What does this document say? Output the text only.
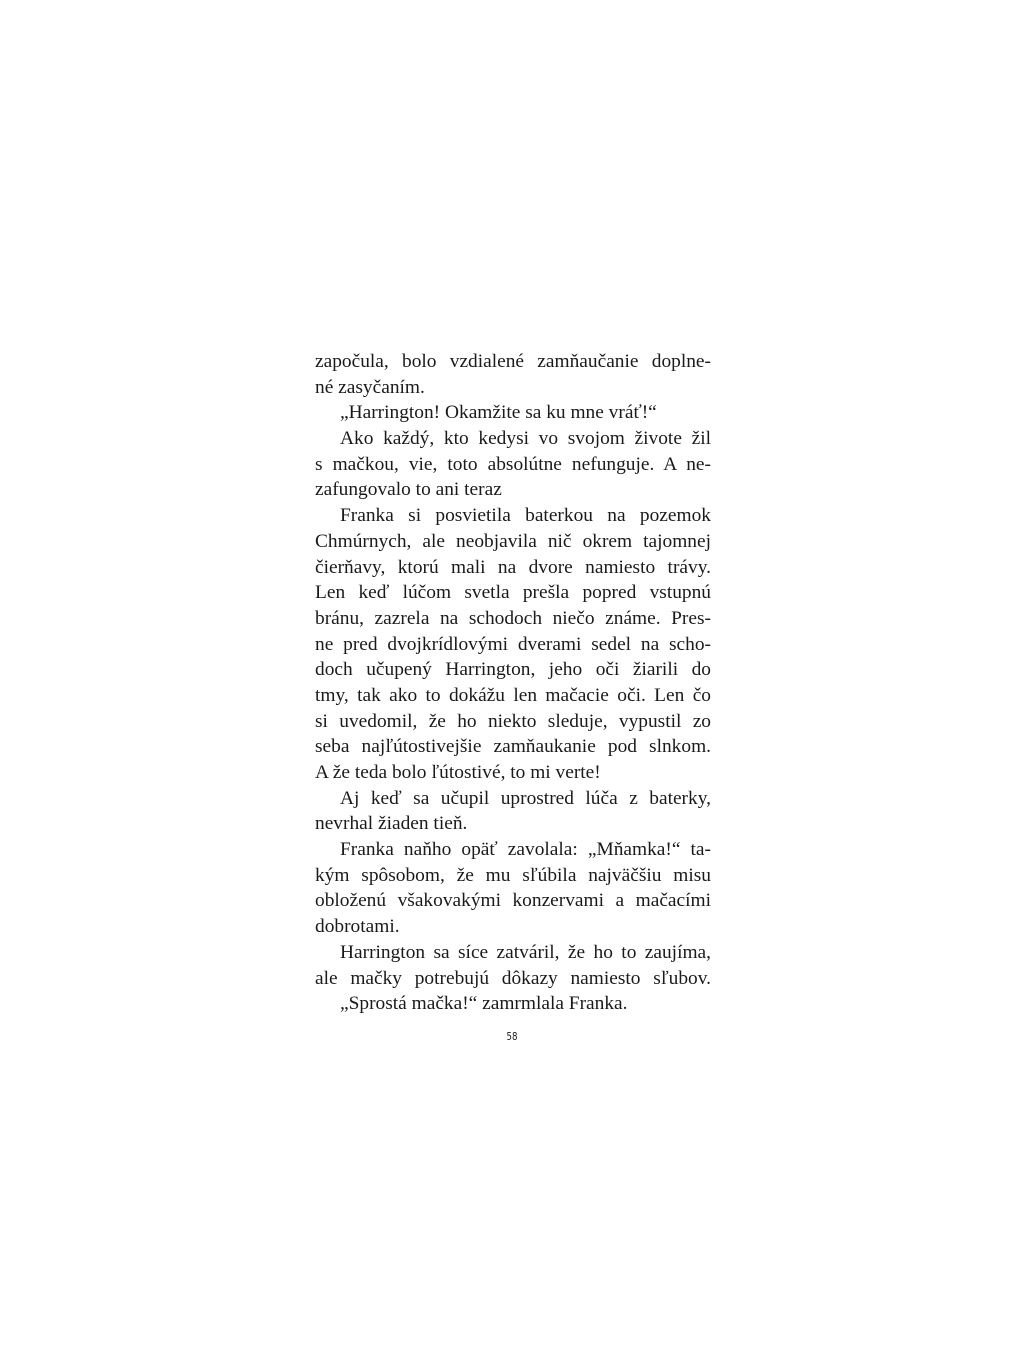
započula, bolo vzdialené zamňaučanie doplne-
né zasyčaním.
„Harrington! Okamžite sa ku mne vráť!“
Ako každý, kto kedysi vo svojom živote žil
s mačkou, vie, toto absolútne nefunguje. A ne-
zafungovalo to ani teraz
Franka si posvietila baterkou na pozemok
Chmúrnych, ale neobjavila nič okrem tajomnej
čierňavy, ktorú mali na dvore namiesto trávy.
Len keď lúčom svetla prešla popred vstupnú
bránu, zazrela na schodoch niečo známe. Pres-
ne pred dvojkrídlovými dverami sedel na scho-
doch učupený Harrington, jeho oči žiarili do
tmy, tak ako to dokážu len mačacie oči. Len čo
si uvedomil, že ho niekto sleduje, vypustil zo
seba najľútostivejšie zamňaukanie pod slnkom.
A že teda bolo ľútostivé, to mi verte!
Aj keď sa učupil uprostred lúča z baterky,
nevrhal žiaden tieň.
Franka naňho opäť zavolala: „Mňamka!“ ta-
kým spôsobom, že mu sľúbila najväčšiu misu
obloženú všakovakými konzervami a mačacími
dobrotami.
Harrington sa síce zatváril, že ho to zaujíma,
ale mačky potrebujú dôkazy namiesto sľubov.
„Sprostá mačka!“ zamrmlala Franka.
58
